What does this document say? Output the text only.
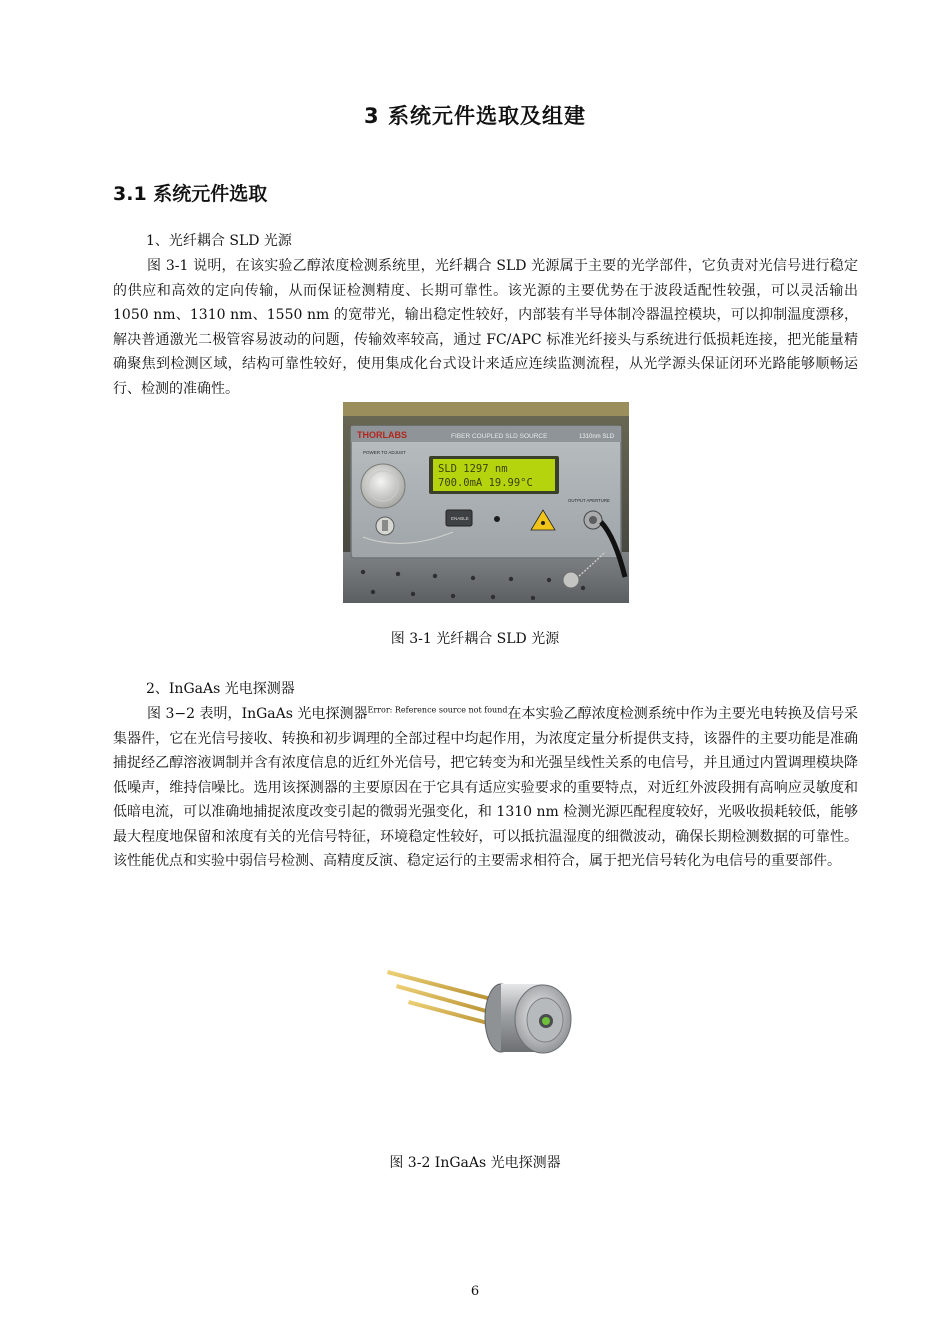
3 系统元件选取及组建
3.1 系统元件选取
1、光纤耦合 SLD 光源
图 3-1 说明，在该实验乙醇浓度检测系统里，光纤耦合 SLD 光源属于主要的光学部件，它负责对光信号进行稳定的供应和高效的定向传输，从而保证检测精度、长期可靠性。该光源的主要优势在于波段适配性较强，可以灵活输出 1050 nm、1310 nm、1550 nm 的宽带光，输出稳定性较好，内部装有半导体制冷器温控模块，可以抑制温度漂移，解决普通激光二极管容易波动的问题，传输效率较高，通过 FC/APC 标准光纤接头与系统进行低损耗连接，把光能量精确聚焦到检测区域，结构可靠性较好，使用集成化台式设计来适应连续监测流程，从光学源头保证闭环光路能够顺畅运行、检测的准确性。
THORLABS	FIBER COUPLED SLD SOURCE	1310nm SLD
POWER TO ADJUST
SLD 1297 nm
700.0mA 19.99°C
ENABLE
OUTPUT APERTURE
图 3-1 光纤耦合 SLD 光源
2、InGaAs 光电探测器
图 3−2 表明，InGaAs 光电探测器$^{Error: Reference source not found}$在本实验乙醇浓度检测系统中作为主要光电转换及信号采集器件，它在光信号接收、转换和初步调理的全部过程中均起作用，为浓度定量分析提供支持，该器件的主要功能是准确捕捉经乙醇溶液调制并含有浓度信息的近红外光信号，把它转变为和光强呈线性关系的电信号，并且通过内置调理模块降低噪声，维持信噪比。选用该探测器的主要原因在于它具有适应实验要求的重要特点，对近红外波段拥有高响应灵敏度和低暗电流，可以准确地捕捉浓度改变引起的微弱光强变化，和 1310 nm 检测光源匹配程度较好，光吸收损耗较低，能够最大程度地保留和浓度有关的光信号特征，环境稳定性较好，可以抵抗温湿度的细微波动，确保长期检测数据的可靠性。该性能优点和实验中弱信号检测、高精度反演、稳定运行的主要需求相符合，属于把光信号转化为电信号的重要部件。
图 3-2 InGaAs 光电探测器
6
